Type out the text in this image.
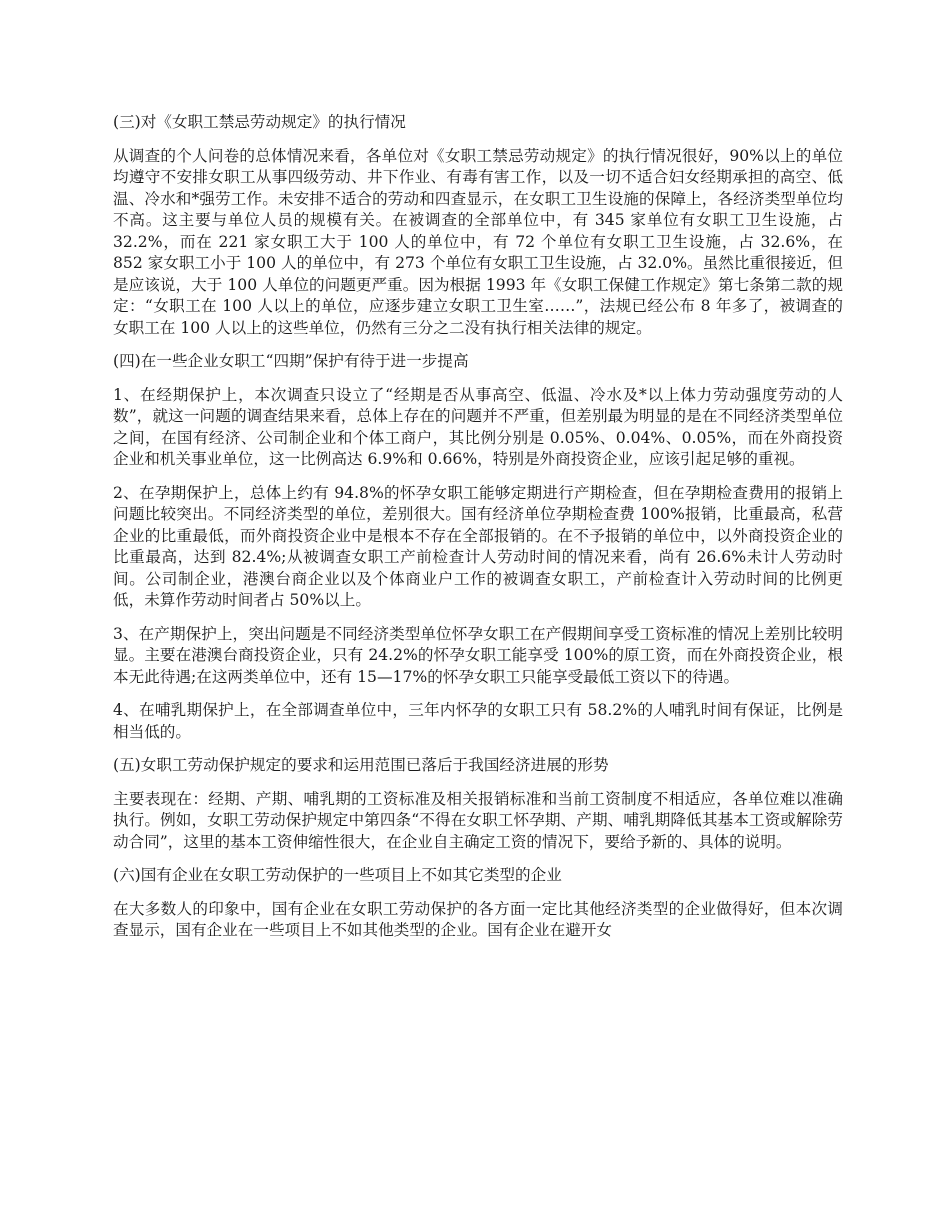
(三)对《女职工禁忌劳动规定》的执行情况

从调查的个人问卷的总体情况来看，各单位对《女职工禁忌劳动规定》的执行情况很好，90%以上的单位均遵守不安排女职工从事四级劳动、井下作业、有毒有害工作，以及一切不适合妇女经期承担的高空、低温、冷水和*强劳工作。未安排不适合的劳动和四查显示，在女职工卫生设施的保障上，各经济类型单位均不高。这主要与单位人员的规模有关。在被调查的全部单位中，有 345 家单位有女职工卫生设施，占 32.2%，而在 221 家女职工大于 100 人的单位中，有 72 个单位有女职工卫生设施，占 32.6%，在 852 家女职工小于 100 人的单位中，有 273 个单位有女职工卫生设施，占 32.0%。虽然比重很接近，但是应该说，大于 100 人单位的问题更严重。因为根据 1993 年《女职工保健工作规定》第七条第二款的规定：“女职工在 100 人以上的单位，应逐步建立女职工卫生室……”，法规已经公布 8 年多了，被调查的女职工在 100 人以上的这些单位，仍然有三分之二没有执行相关法律的规定。

(四)在一些企业女职工“四期”保护有待于进一步提高

1、在经期保护上，本次调查只设立了“经期是否从事高空、低温、冷水及*以上体力劳动强度劳动的人数”，就这一问题的调查结果来看，总体上存在的问题并不严重，但差别最为明显的是在不同经济类型单位之间，在国有经济、公司制企业和个体工商户，其比例分别是 0.05%、0.04%、0.05%，而在外商投资企业和机关事业单位，这一比例高达 6.9%和 0.66%，特别是外商投资企业，应该引起足够的重视。

2、在孕期保护上，总体上约有 94.8%的怀孕女职工能够定期进行产期检查，但在孕期检查费用的报销上问题比较突出。不同经济类型的单位，差别很大。国有经济单位孕期检查费 100%报销，比重最高，私营企业的比重最低，而外商投资企业中是根本不存在全部报销的。在不予报销的单位中，以外商投资企业的比重最高，达到 82.4%;从被调查女职工产前检查计人劳动时间的情况来看，尚有 26.6%未计人劳动时间。公司制企业，港澳台商企业以及个体商业户工作的被调查女职工，产前检查计入劳动时间的比例更低，未算作劳动时间者占 50%以上。

3、在产期保护上，突出问题是不同经济类型单位怀孕女职工在产假期间享受工资标准的情况上差别比较明显。主要在港澳台商投资企业，只有 24.2%的怀孕女职工能享受 100%的原工资，而在外商投资企业，根本无此待遇;在这两类单位中，还有 15—17%的怀孕女职工只能享受最低工资以下的待遇。

4、在哺乳期保护上，在全部调查单位中，三年内怀孕的女职工只有 58.2%的人哺乳时间有保证，比例是相当低的。

(五)女职工劳动保护规定的要求和运用范围已落后于我国经济进展的形势

主要表现在：经期、产期、哺乳期的工资标准及相关报销标准和当前工资制度不相适应，各单位难以准确执行。例如，女职工劳动保护规定中第四条“不得在女职工怀孕期、产期、哺乳期降低其基本工资或解除劳动合同”，这里的基本工资伸缩性很大，在企业自主确定工资的情况下，要给予新的、具体的说明。

(六)国有企业在女职工劳动保护的一些项目上不如其它类型的企业

在大多数人的印象中，国有企业在女职工劳动保护的各方面一定比其他经济类型的企业做得好，但本次调查显示，国有企业在一些项目上不如其他类型的企业。国有企业在避开女
